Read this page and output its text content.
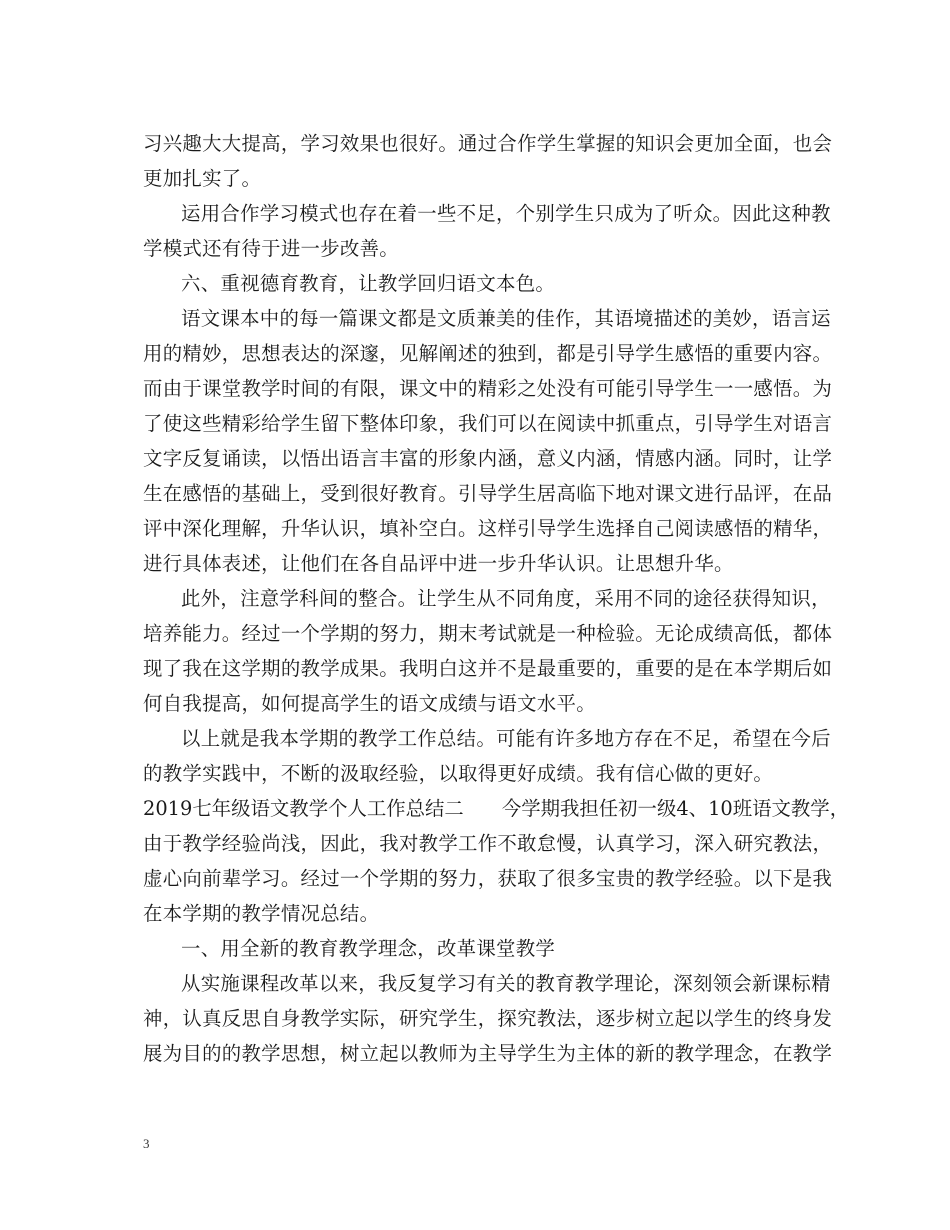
习兴趣大大提高，学习效果也很好。通过合作学生掌握的知识会更加全面，也会
更加扎实了。
运用合作学习模式也存在着一些不足，个别学生只成为了听众。因此这种教
学模式还有待于进一步改善。
六、重视德育教育，让教学回归语文本色。
语文课本中的每一篇课文都是文质兼美的佳作，其语境描述的美妙，语言运
用的精妙，思想表达的深邃，见解阐述的独到，都是引导学生感悟的重要内容。
而由于课堂教学时间的有限，课文中的精彩之处没有可能引导学生一一感悟。为
了使这些精彩给学生留下整体印象，我们可以在阅读中抓重点，引导学生对语言
文字反复诵读，以悟出语言丰富的形象内涵，意义内涵，情感内涵。同时，让学
生在感悟的基础上，受到很好教育。引导学生居高临下地对课文进行品评，在品
评中深化理解，升华认识，填补空白。这样引导学生选择自己阅读感悟的精华，
进行具体表述，让他们在各自品评中进一步升华认识。让思想升华。
此外，注意学科间的整合。让学生从不同角度，采用不同的途径获得知识，
培养能力。经过一个学期的努力，期末考试就是一种检验。无论成绩高低，都体
现了我在这学期的教学成果。我明白这并不是最重要的，重要的是在本学期后如
何自我提高，如何提高学生的语文成绩与语文水平。
以上就是我本学期的教学工作总结。可能有许多地方存在不足，希望在今后
的教学实践中，不断的汲取经验，以取得更好成绩。我有信心做的更好。
2019七年级语文教学个人工作总结二 今学期我担任初一级4、10班语文教学，
由于教学经验尚浅，因此，我对教学工作不敢怠慢，认真学习，深入研究教法，
虚心向前辈学习。经过一个学期的努力，获取了很多宝贵的教学经验。以下是我
在本学期的教学情况总结。
一、用全新的教育教学理念，改革课堂教学
从实施课程改革以来，我反复学习有关的教育教学理论，深刻领会新课标精
神，认真反思自身教学实际，研究学生，探究教法，逐步树立起以学生的终身发
展为目的的教学思想，树立起以教师为主导学生为主体的新的教学理念，在教学
3
